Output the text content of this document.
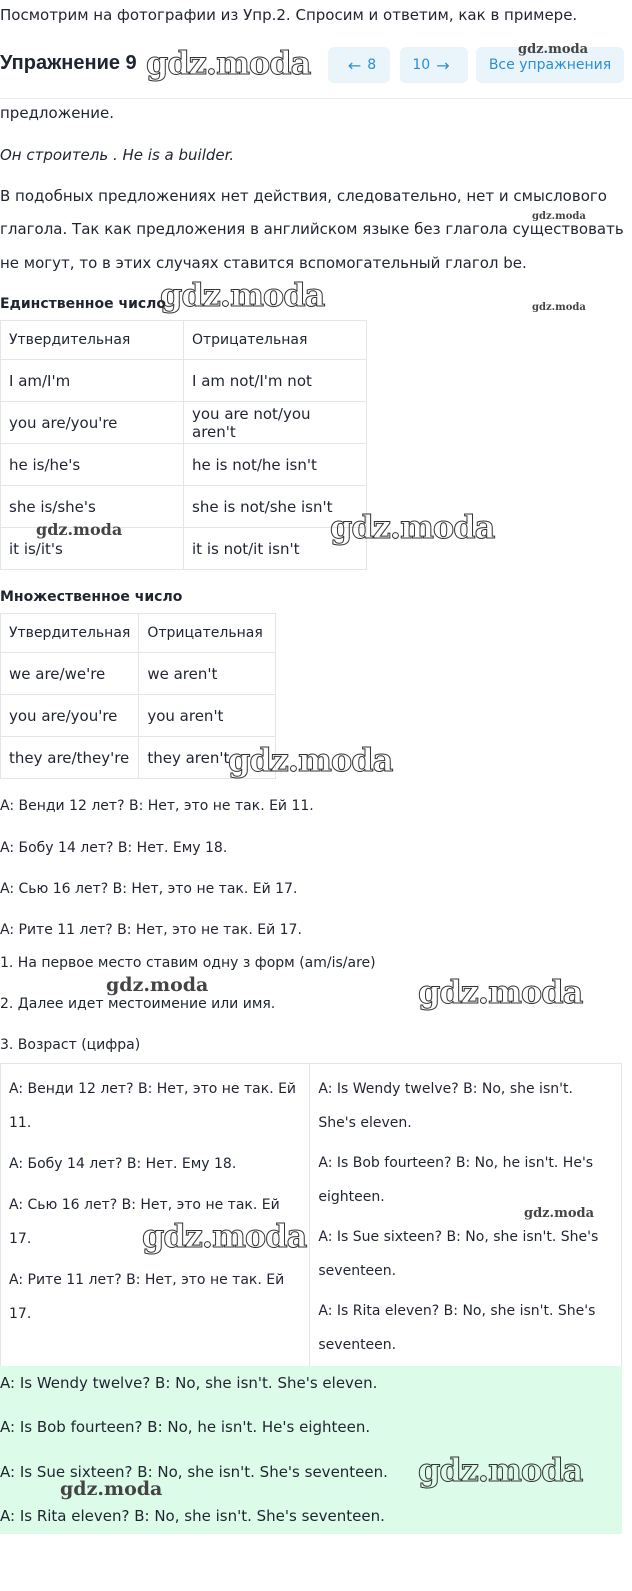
Посмотрим на фотографии из Упр.2. Спросим и ответим, как в примере.

Упражнение 9	← 8	10 →	Все упражнения

предложение.

Он строитель . He is a builder.

В подобных предложениях нет действия, следовательно, нет и смыслового

глагола. Так как предложения в английском языке без глагола существовать

не могут, то в этих случаях ставится вспомогательный глагол be.

Единственное число

Утвердительная	Отрицательная
I am/I'm	I am not/I'm not
you are/you're	you are not/you aren't
he is/he's	he is not/he isn't
she is/she's	she is not/she isn't
it is/it's	it is not/it isn't

Множественное число

Утвердительная	Отрицательная
we are/we're	we aren't
you are/you're	you aren't
they are/they're	they aren't

A: Венди 12 лет? B: Нет, это не так. Ей 11.

A: Бобу 14 лет? B: Нет. Ему 18.

A: Сью 16 лет? B: Нет, это не так. Ей 17.

A: Рите 11 лет? B: Нет, это не так. Ей 17.

1. На первое место ставим одну з форм (am/is/are)

2. Далее идет местоимение или имя.

3. Возраст (цифра)

A: Венди 12 лет? B: Нет, это не так. Ей 11.
A: Бобу 14 лет? B: Нет. Ему 18.
A: Сью 16 лет? B: Нет, это не так. Ей 17.
A: Рите 11 лет? B: Нет, это не так. Ей 17.

A: Is Wendy twelve? B: No, she isn't. She's eleven.
A: Is Bob fourteen? B: No, he isn't. He's eighteen.
A: Is Sue sixteen? B: No, she isn't. She's seventeen.
A: Is Rita eleven? B: No, she isn't. She's seventeen.

A: Is Wendy twelve? B: No, she isn't. She's eleven.

A: Is Bob fourteen? B: No, he isn't. He's eighteen.

A: Is Sue sixteen? B: No, she isn't. She's seventeen.

A: Is Rita eleven? B: No, she isn't. She's seventeen.

gdz.moda	gdz.moda
gdz.moda
gdz.moda	gdz.moda
gdz.moda	gdz.moda
gdz.moda
gdz.moda	gdz.moda
gdz.moda
gdz.moda
gdz.moda
gdz.moda
